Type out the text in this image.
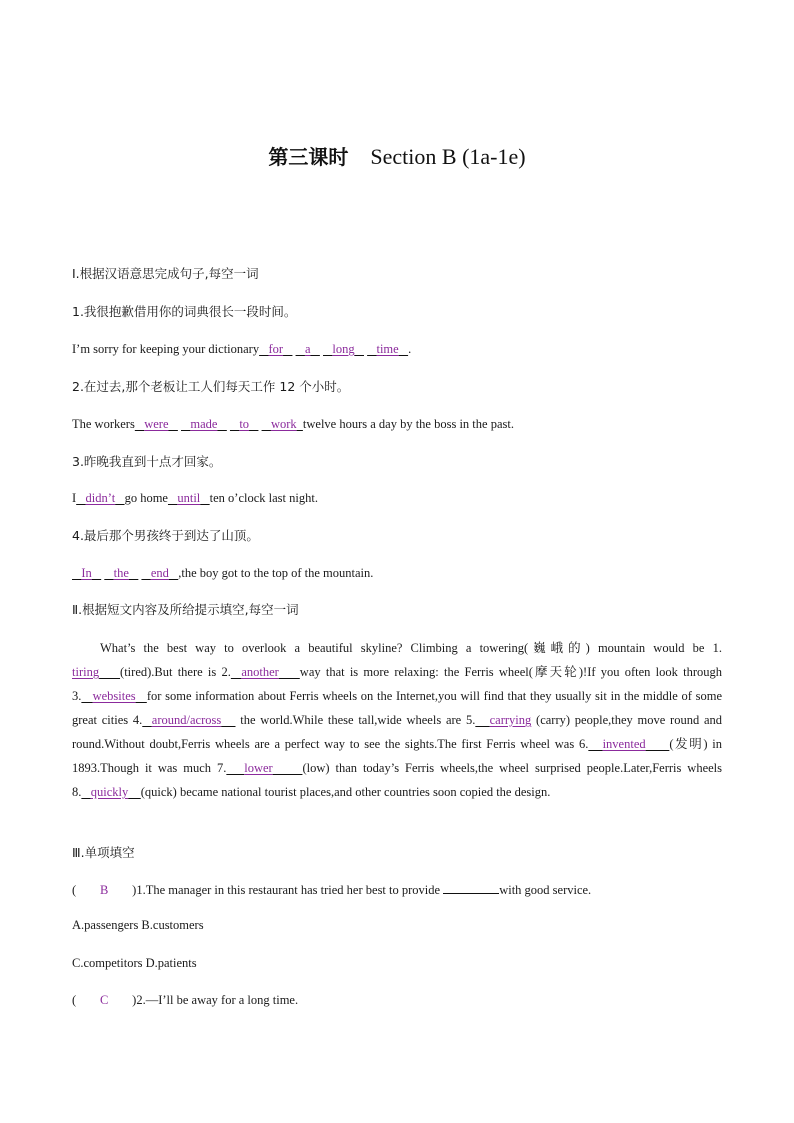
第三课时 Section B (1a-1e)
Ⅰ.根据汉语意思完成句子,每空一词
1.我很抱歉借用你的词典很长一段时间。
I’m sorry for keeping your dictionary for a long time .
2.在过去,那个老板让工人们每天工作 12 个小时。
The workers were made to work twelve hours a day by the boss in the past.
3.昨晚我直到十点才回家。
I didn’t go home until ten o’clock last night.
4.最后那个男孩终于到达了山顶。
In the end ,the boy got to the top of the mountain.
Ⅱ.根据短文内容及所给提示填空,每空一词
What’s the best way to overlook a beautiful skyline? Climbing a towering(巍峨的) mountain would be 1. tiring (tired).But there is 2. another way that is more relaxing: the Ferris wheel(摩天轮)!If you often look through 3. websites for some information about Ferris wheels on the Internet,you will find that they usually sit in the middle of some great cities 4. around/across the world.While these tall,wide wheels are 5. carrying (carry) people,they move round and round.Without doubt,Ferris wheels are a perfect way to see the sights.The first Ferris wheel was 6. invented (发明) in 1893.Though it was much 7. lower (low) than today’s Ferris wheels,the wheel surprised people.Later,Ferris wheels 8. quickly (quick) became national tourist places,and other countries soon copied the design.
Ⅲ.单项填空
( B )1.The manager in this restaurant has tried her best to provide	with good service.
A.passengers B.customers
C.competitors D.patients
( C )2.—I’ll be away for a long time.
